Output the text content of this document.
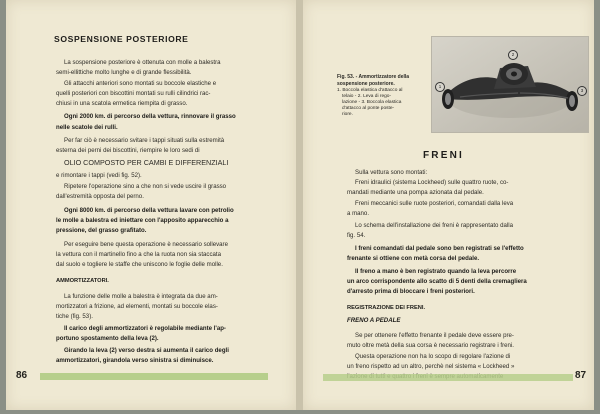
SOSPENSIONE POSTERIORE
La sospensione posteriore è ottenuta con molle a balestra
semi-ellittiche molto lunghe e di grande flessibilità.
Gli attacchi anteriori sono montati su boccole elastiche e
quelli posteriori con biscottini montati su rulli cilindrici rac-
chiusi in una scatola ermetica riempita di grasso.
Ogni 2000 km. di percorso della vettura, rinnovare il grasso
nelle scatole dei rulli.
Per far ciò è necessario svitare i tappi situati sulla estremità
esterna dei perni dei biscottini, riempire le loro sedi di
OLIO COMPOSTO PER CAMBI E DIFFERENZIALI
e rimontare i tappi (vedi fig. 52).
Ripetere l'operazione sino a che non si vede uscire il grasso
dall'estremità opposta del perno.
Ogni 8000 km. di percorso della vettura lavare con petrolio
le molle a balestra ed iniettare con l'apposito apparecchio a
pressione, del grasso grafitato.
Per eseguire bene questa operazione è necessario sollevare
la vettura con il martinello fino a che la ruota non sia staccata
dal suolo e togliere le staffe che uniscono le foglie delle molle.
AMMORTIZZATORI.
La funzione delle molle a balestra è integrata da due am-
mortizzatori a frizione, ad elementi, montati su boccole elas-
tiche (fig. 53).
Il carico degli ammortizzatori è regolabile mediante l'ap-
portuno spostamento della leva (2).
Girando la leva (2) verso destra si aumenta il carico degli
ammortizzatori, girandola verso sinistra si diminuisce.
86
1
2
3
Fig. 53. - Ammortizzatore della sospensione posteriore.
1. Boccola elastica d'attacco al
telaio - 2. Leva di rego-
lazione - 3. Boccola elastica
d'attacco al ponte poste-
riore.
FRENI
Sulla vettura sono montati:
Freni idraulici (sistema Lockheed) sulle quattro ruote, co-
mandati mediante una pompa azionata dal pedale.
Freni meccanici sulle ruote posteriori, comandati dalla leva
a mano.
Lo schema dell'installazione dei freni è rappresentato dalla
fig. 54.
I freni comandati dal pedale sono ben registrati se l'effetto
frenante si ottiene con metà corsa del pedale.
Il freno a mano è ben registrato quando la leva percorre
un arco corrispondente allo scatto di 5 denti della cremagliera
d'arresto prima di bloccare i freni posteriori.
REGISTRAZIONE DEI FRENI.
FRENO A PEDALE
Se per ottenere l'effetto frenante il pedale deve essere pre-
muto oltre metà della sua corsa è necessario registrare i freni.
Questa operazione non ha lo scopo di regolare l'azione di
un freno rispetto ad un altro, perchè nel sistema « Lockheed »
87
